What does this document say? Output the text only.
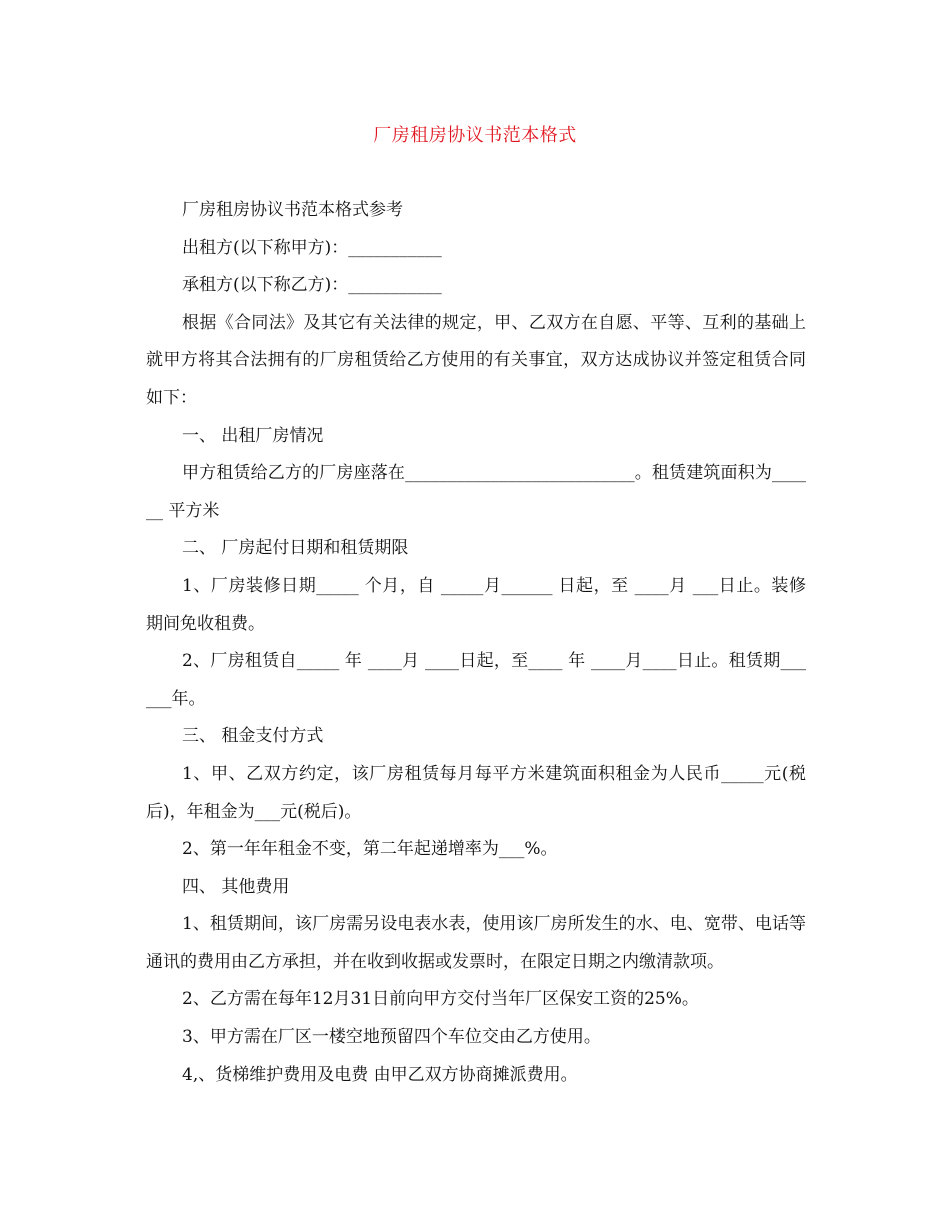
厂房租房协议书范本格式

厂房租房协议书范本格式参考

出租方(以下称甲方)：___________

承租方(以下称乙方)：___________

根据《合同法》及其它有关法律的规定，甲、乙双方在自愿、平等、互利的基础上就甲方将其合法拥有的厂房租赁给乙方使用的有关事宜，双方达成协议并签定租赁合同如下：

一、 出租厂房情况

甲方租赁给乙方的厂房座落在___________________________。租赁建筑面积为______ 平方米

二、 厂房起付日期和租赁期限

1、厂房装修日期_____ 个月，自 _____月______ 日起，至 ____月 ___日止。装修期间免收租费。

2、厂房租赁自_____ 年 ____月 ____日起，至____ 年 ____月____日止。租赁期______年。

三、 租金支付方式

1、甲、乙双方约定，该厂房租赁每月每平方米建筑面积租金为人民币_____元(税后)，年租金为___元(税后)。

2、第一年年租金不变，第二年起递增率为___%。

四、 其他费用

1、租赁期间，该厂房需另设电表水表，使用该厂房所发生的水、电、宽带、电话等通讯的费用由乙方承担，并在收到收据或发票时，在限定日期之内缴清款项。

2、乙方需在每年12月31日前向甲方交付当年厂区保安工资的25%。

3、甲方需在厂区一楼空地预留四个车位交由乙方使用。

4,、货梯维护费用及电费 由甲乙双方协商摊派费用。
